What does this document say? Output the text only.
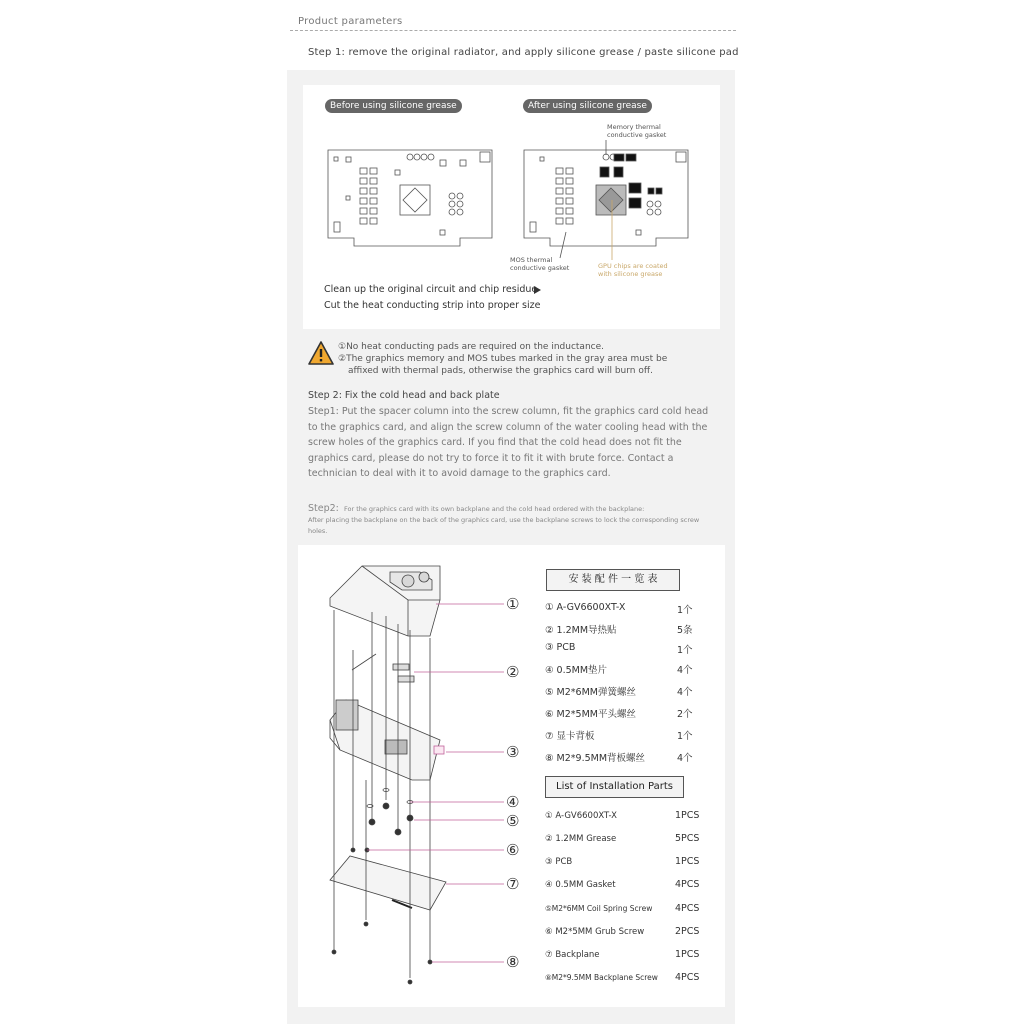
Product parameters
Step 1: remove the original radiator, and apply silicone grease / paste silicone pad
Before using silicone grease	After using silicone grease
Memory thermal
conductive gasket
MOS thermal
conductive gasket	GPU chips are coated
with silicone grease
Clean up the original circuit and chip residue
Cut the heat conducting strip into proper size
①No heat conducting pads are required on the inductance.
②The graphics memory and MOS tubes marked in the gray area must be
affixed with thermal pads, otherwise the graphics card will burn off.
Step 2: Fix the cold head and back plate
Step1: Put the spacer column into the screw column, fit the graphics card cold head to the graphics card, and align the screw column of the water cooling head with the screw holes of the graphics card. If you find that the cold head does not fit the graphics card, please do not try to force it to fit it with brute force. Contact a technician to deal with it to avoid damage to the graphics card.
Step2: For the graphics card with its own backplane and the cold head ordered with the backplane:
After placing the backplane on the back of the graphics card, use the backplane screws to lock the corresponding screw holes.
①
②
③
④
⑤
⑥
⑦
⑧
安 装 配 件 一 览 表
① A-GV6600XT-X	1个
② 1.2MM导热贴	5条
③ PCB	1个
④ 0.5MM垫片	4个
⑤ M2*6MM弹簧螺丝	4个
⑥ M2*5MM平头螺丝	2个
⑦ 显卡背板	1个
⑧ M2*9.5MM背板螺丝	4个
List of Installation Parts
① A-GV6600XT-X	1PCS
② 1.2MM Grease	5PCS
③ PCB	1PCS
④ 0.5MM Gasket	4PCS
⑤M2*6MM Coil Spring Screw 4PCS
⑥ M2*5MM Grub Screw	2PCS
⑦ Backplane	1PCS
⑧M2*9.5MM Backplane Screw 4PCS
